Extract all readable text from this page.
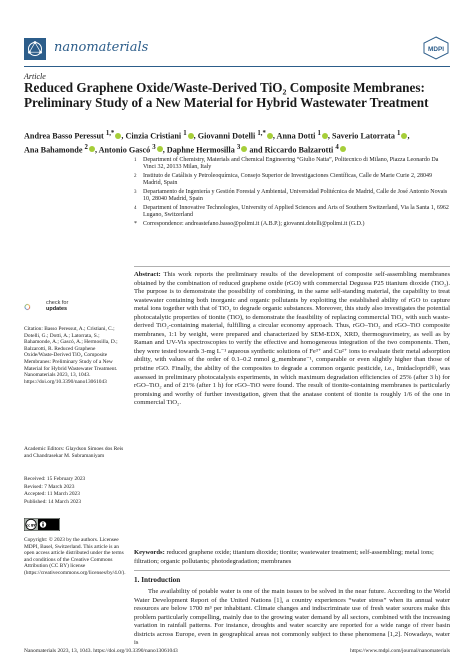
nanomaterials	MDPI
Article
Reduced Graphene Oxide/Waste-Derived TiO₂ Composite Membranes: Preliminary Study of a New Material for Hybrid Wastewater Treatment
Andrea Basso Peressut $^{1,*}$ , Cinzia Cristiani $^1$ , Giovanni Dotelli $^{1,*}$ , Anna Dotti $^1$ , Saverio Latorrata $^1$ ,
Ana Bahamonde $^2$ , Antonio Gascó $^3$ , Daphne Hermosilla $^3$ and Riccardo Balzarotti $^4$
1 Department of Chemistry, Materials and Chemical Engineering “Giulio Natta”, Politecnico di Milano, Piazza Leonardo Da Vinci 32, 20133 Milan, Italy
2 Instituto de Catálisis y Petroleoquímica, Consejo Superior de Investigaciones Científicas, Calle de Marie Curie 2, 28049 Madrid, Spain
3 Departamento de Ingeniería y Gestión Forestal y Ambiental, Universidad Politécnica de Madrid, Calle de José Antonio Novais 10, 28040 Madrid, Spain
4 Department of Innovative Technologies, University of Applied Sciences and Arts of Southern Switzerland, Via la Santa 1, 6962 Lugano, Switzerland
* Correspondence: andreastefano.basso@polimi.it (A.B.P.); giovanni.dotelli@polimi.it (G.D.)
check for
updates
Citation: Basso Peressut, A.; Cristiani, C.; Dotelli, G.; Dotti, A.; Latorrata, S.; Bahamonde, A.; Gascó, A.; Hermosilla, D.; Balzarotti, R. Reduced Graphene Oxide/Waste-Derived TiO₂ Composite Membranes: Preliminary Study of a New Material for Hybrid Wastewater Treatment. Nanomaterials 2023, 13, 1043. https://doi.org/10.3390/nano13061043
Academic Editors: Glaydson Simoes dos Reis and Chandrasekar M. Subramaniyam
Received: 15 February 2023
Revised: 7 March 2023
Accepted: 11 March 2023
Published: 14 March 2023
cc BY
Copyright: © 2023 by the authors. Licensee MDPI, Basel, Switzerland. This article is an open access article distributed under the terms and conditions of the Creative Commons Attribution (CC BY) license (https://creativecommons.org/licenses/by/4.0/).
Abstract: This work reports the preliminary results of the development of composite self-assembling membranes obtained by the combination of reduced graphene oxide (rGO) with commercial Degussa P25 titanium dioxide (TiO₂). The purpose is to demonstrate the possibility of combining, in the same self-standing material, the capability to treat wastewater containing both inorganic and organic pollutants by exploiting the established ability of rGO to capture metal ions together with that of TiO₂ to degrade organic substances. Moreover, this study also investigates the potential photocatalytic properties of tionite (TiO), to demonstrate the feasibility of replacing commercial TiO₂ with such waste-derived TiO₂-containing material, fulfilling a circular economy approach. Thus, rGO–TiO₂ and rGO–TiO composite membranes, 1:1 by weight, were prepared and characterized by SEM-EDX, XRD, thermogravimetry, as well as by Raman and UV-Vis spectroscopies to verify the effective and homogeneous integration of the two components. Then, they were tested towards 3-mg L⁻¹ aqueous synthetic solutions of Fe³⁺ and Cu²⁺ ions to evaluate their metal adsorption ability, with values of the order of 0.1–0.2 mmol g_membrane⁻¹, comparable or even slightly higher than those of pristine rGO. Finally, the ability of the composites to degrade a common organic pesticide, i.e., Imidacloprid®, was assessed in preliminary photocatalysis experiments, in which maximum degradation efficiencies of 25% (after 3 h) for rGO–TiO₂ and of 21% (after 1 h) for rGO–TiO were found. The result of tionite-containing membranes is particularly promising and worthy of further investigation, given that the anatase content of tionite is roughly 1/6 of the one in commercial TiO₂.
Keywords: reduced graphene oxide; titanium dioxide; tionite; wastewater treatment; self-assembling; metal ions; filtration; organic pollutants; photodegradation; membranes
1. Introduction
The availability of potable water is one of the main issues to be solved in the near future. According to the World Water Development Report of the United Nations [1], a country experiences “water stress” when its annual water resources are below 1700 m³ per inhabitant. Climate changes and indiscriminate use of fresh water sources make this problem particularly compelling, mainly due to the growing water demand by all sectors, combined with the increasing variation in rainfall patterns. For instance, droughts and water scarcity are reported for a wide range of river basin districts across Europe, even in geographical areas not commonly subject to these phenomena [1,2]. Nowadays, water is
Nanomaterials 2023, 13, 1043. https://doi.org/10.3390/nano13061043	https://www.mdpi.com/journal/nanomaterials
